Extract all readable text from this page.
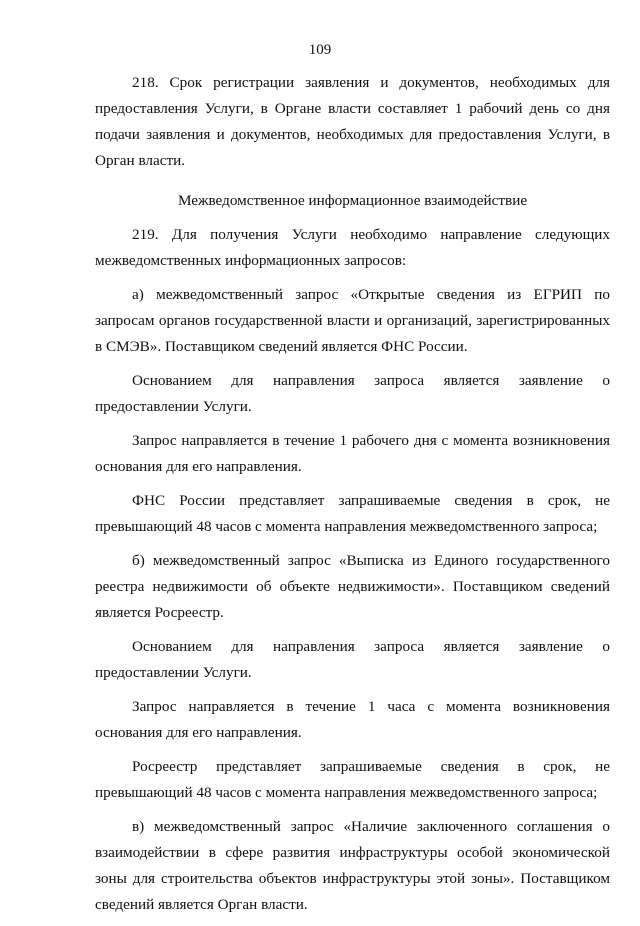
109

218. Срок регистрации заявления и документов, необходимых для предоставления Услуги, в Органе власти составляет 1 рабочий день со дня подачи заявления и документов, необходимых для предоставления Услуги, в Орган власти.

Межведомственное информационное взаимодействие

219. Для получения Услуги необходимо направление следующих межведомственных информационных запросов:

а) межведомственный запрос «Открытые сведения из ЕГРИП по запросам органов государственной власти и организаций, зарегистрированных в СМЭВ». Поставщиком сведений является ФНС России.

Основанием для направления запроса является заявление о предоставлении Услуги.

Запрос направляется в течение 1 рабочего дня с момента возникновения основания для его направления.

ФНС России представляет запрашиваемые сведения в срок, не превышающий 48 часов с момента направления межведомственного запроса;

б) межведомственный запрос «Выписка из Единого государственного реестра недвижимости об объекте недвижимости». Поставщиком сведений является Росреестр.

Основанием для направления запроса является заявление о предоставлении Услуги.

Запрос направляется в течение 1 часа с момента возникновения основания для его направления.

Росреестр представляет запрашиваемые сведения в срок, не превышающий 48 часов с момента направления межведомственного запроса;

в) межведомственный запрос «Наличие заключенного соглашения о взаимодействии в сфере развития инфраструктуры особой экономической зоны для строительства объектов инфраструктуры этой зоны». Поставщиком сведений является Орган власти.
